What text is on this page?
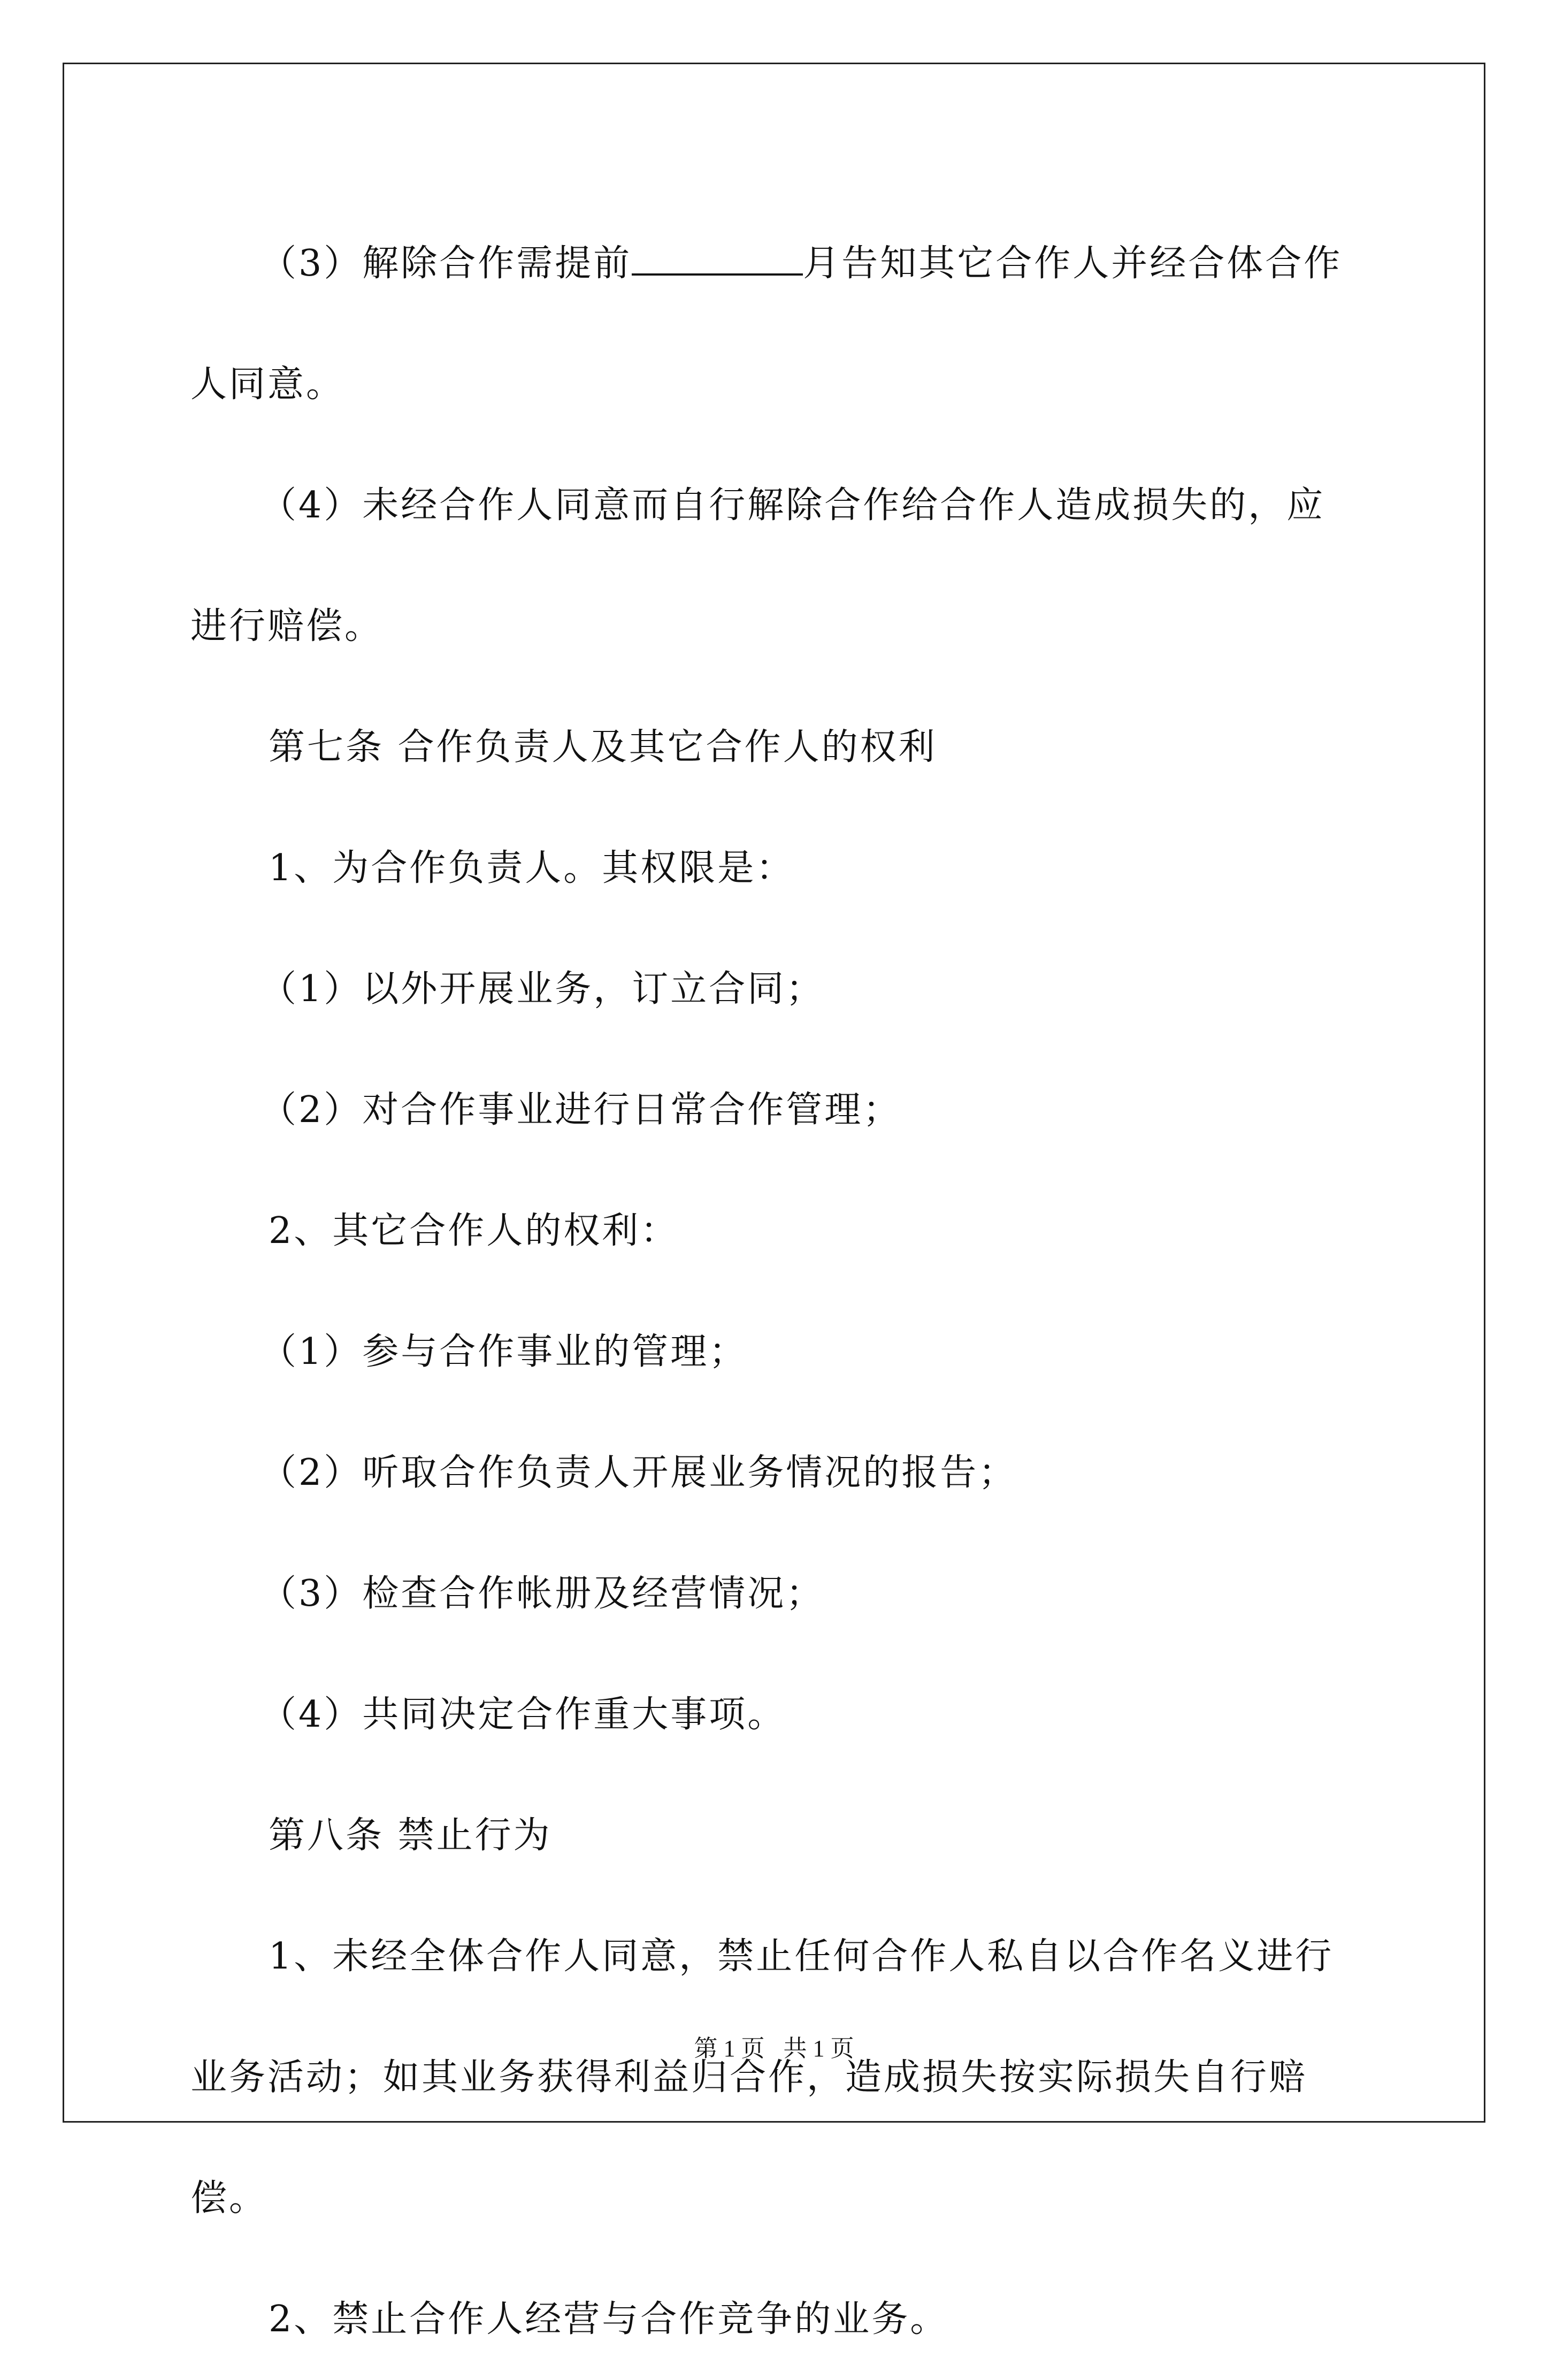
（3）解除合作需提前	月告知其它合作人并经合体合作人同意。

（4）未经合作人同意而自行解除合作给合作人造成损失的，应进行赔偿。

第七条 合作负责人及其它合作人的权利

1、为合作负责人。其权限是：

（1）以外开展业务，订立合同；

（2）对合作事业进行日常合作管理；

2、其它合作人的权利：

（1）参与合作事业的管理；

（2）听取合作负责人开展业务情况的报告；

（3）检查合作帐册及经营情况；

（4）共同决定合作重大事项。

第八条 禁止行为

1、未经全体合作人同意，禁止任何合作人私自以合作名义进行业务活动；如其业务获得利益归合作，造成损失按实际损失自行赔偿。

2、禁止合作人经营与合作竞争的业务。

第 1 页 共 1 页
